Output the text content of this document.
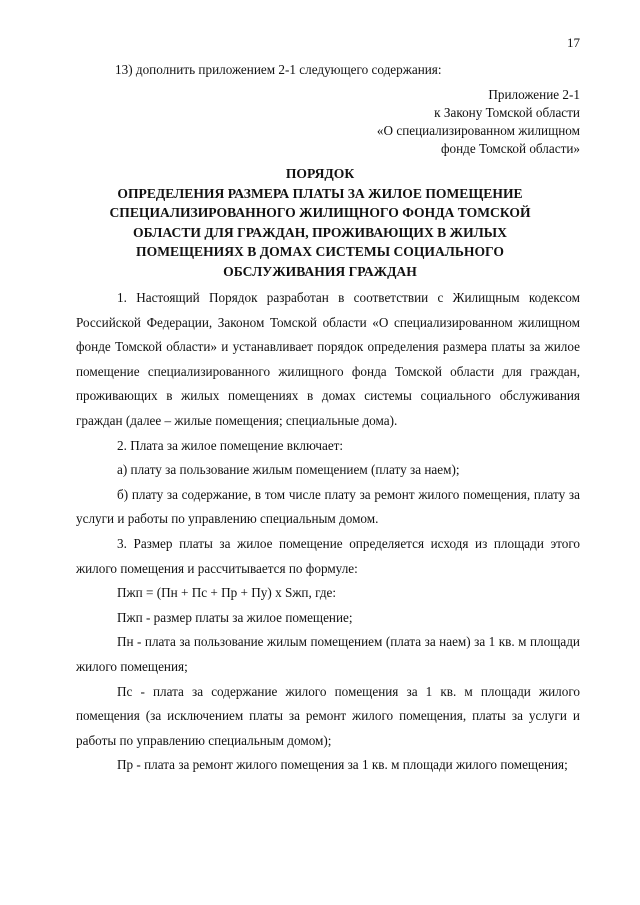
17
13) дополнить приложением 2-1 следующего содержания:
Приложение 2-1
к Закону Томской области
«О специализированном жилищном
фонде Томской области»
ПОРЯДОК
ОПРЕДЕЛЕНИЯ РАЗМЕРА ПЛАТЫ ЗА ЖИЛОЕ ПОМЕЩЕНИЕ
СПЕЦИАЛИЗИРОВАННОГО ЖИЛИЩНОГО ФОНДА ТОМСКОЙ
ОБЛАСТИ ДЛЯ ГРАЖДАН, ПРОЖИВАЮЩИХ В ЖИЛЫХ
ПОМЕЩЕНИЯХ В ДОМАХ СИСТЕМЫ СОЦИАЛЬНОГО
ОБСЛУЖИВАНИЯ ГРАЖДАН

1. Настоящий Порядок разработан в соответствии с Жилищным кодексом Российской Федерации, Законом Томской области «О специализированном жилищном фонде Томской области» и устанавливает порядок определения размера платы за жилое помещение специализированного жилищного фонда Томской области для граждан, проживающих в жилых помещениях в домах системы социального обслуживания граждан (далее – жилые помещения; специальные дома).

2. Плата за жилое помещение включает:

а) плату за пользование жилым помещением (плату за наем);

б) плату за содержание, в том числе плату за ремонт жилого помещения, плату за услуги и работы по управлению специальным домом.

3. Размер платы за жилое помещение определяется исходя из площади этого жилого помещения и рассчитывается по формуле:

Пжп = (Пн + Пс + Пр + Пу) x Sжп, где:

Пжп - размер платы за жилое помещение;

Пн - плата за пользование жилым помещением (плата за наем) за 1 кв. м площади жилого помещения;

Пс - плата за содержание жилого помещения за 1 кв. м площади жилого помещения (за исключением платы за ремонт жилого помещения, платы за услуги и работы по управлению специальным домом);

Пр - плата за ремонт жилого помещения за 1 кв. м площади жилого помещения;
